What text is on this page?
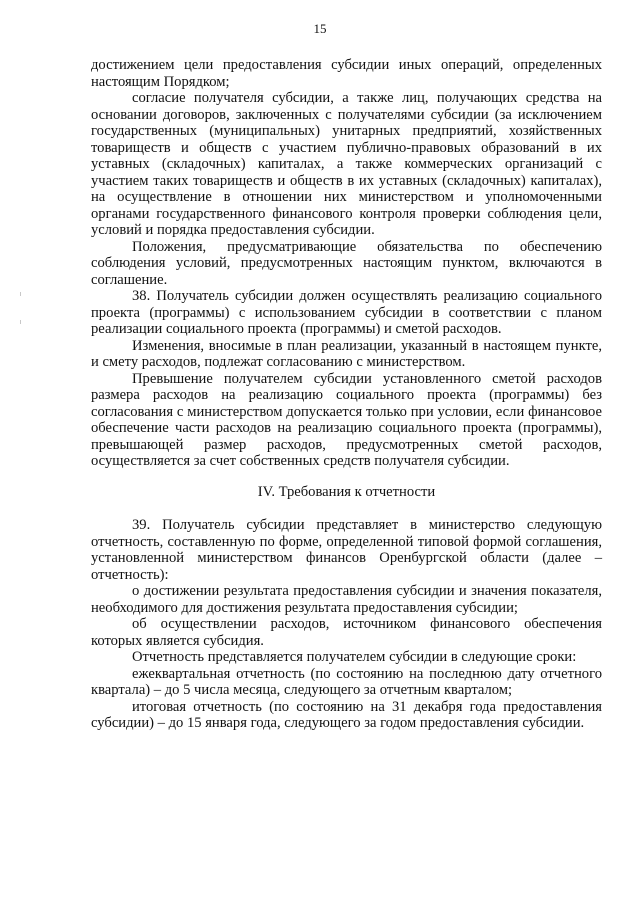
15

достижением цели предоставления субсидии иных операций, определенных настоящим Порядком;

согласие получателя субсидии, а также лиц, получающих средства на основании договоров, заключенных с получателями субсидии (за исключением государственных (муниципальных) унитарных предприятий, хозяйственных товариществ и обществ с участием публично-правовых образований в их уставных (складочных) капиталах, а также коммерческих организаций с участием таких товариществ и обществ в их уставных (складочных) капиталах), на осуществление в отношении них министерством и уполномоченными органами государственного финансового контроля проверки соблюдения цели, условий и порядка предоставления субсидии.

Положения, предусматривающие обязательства по обеспечению соблюдения условий, предусмотренных настоящим пунктом, включаются в соглашение.

38. Получатель субсидии должен осуществлять реализацию социального проекта (программы) с использованием субсидии в соответствии с планом реализации социального проекта (программы) и сметой расходов.

Изменения, вносимые в план реализации, указанный в настоящем пункте, и смету расходов, подлежат согласованию с министерством.

Превышение получателем субсидии установленного сметой расходов размера расходов на реализацию социального проекта (программы) без согласования с министерством допускается только при условии, если финансовое обеспечение части расходов на реализацию социального проекта (программы), превышающей размер расходов, предусмотренных сметой расходов, осуществляется за счет собственных средств получателя субсидии.

IV. Требования к отчетности

39. Получатель субсидии представляет в министерство следующую отчетность, составленную по форме, определенной типовой формой соглашения, установленной министерством финансов Оренбургской области (далее – отчетность):

о достижении результата предоставления субсидии и значения показателя, необходимого для достижения результата предоставления субсидии;

об осуществлении расходов, источником финансового обеспечения которых является субсидия.

Отчетность представляется получателем субсидии в следующие сроки:

ежеквартальная отчетность (по состоянию на последнюю дату отчетного квартала) – до 5 числа месяца, следующего за отчетным кварталом;

итоговая отчетность (по состоянию на 31 декабря года предоставления субсидии) – до 15 января года, следующего за годом предоставления субсидии.
